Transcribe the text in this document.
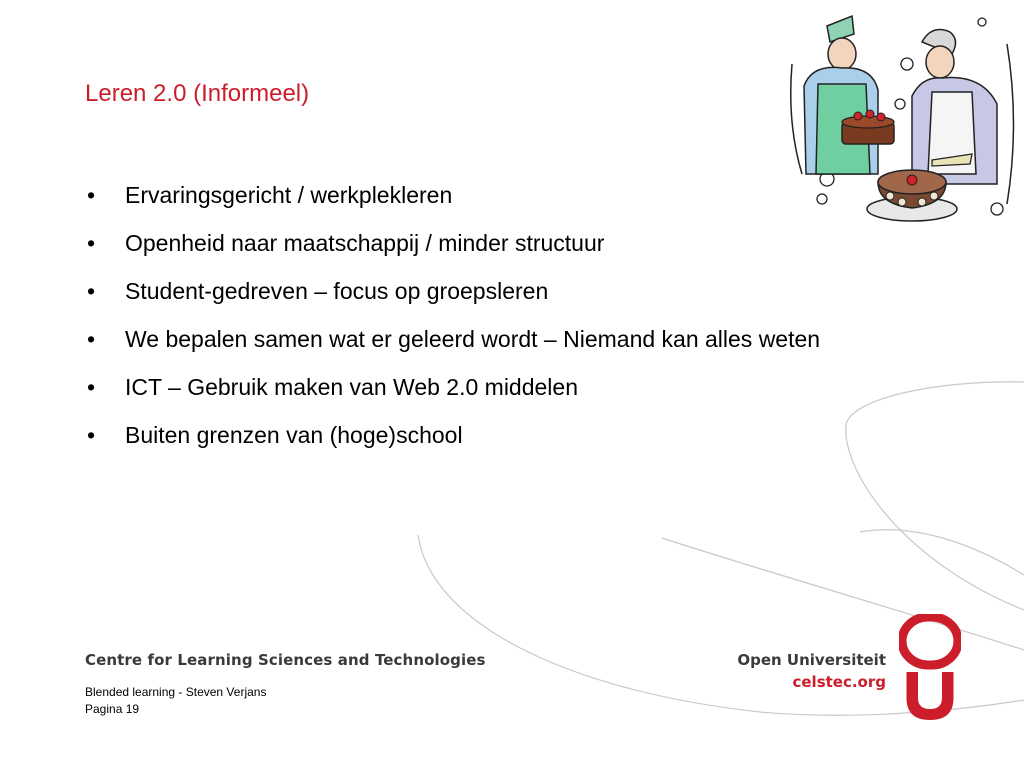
Leren 2.0 (Informeel)
• Ervaringsgericht / werkplekleren
• Openheid naar maatschappij / minder structuur
• Student-gedreven – focus op groepsleren
• We bepalen samen wat er geleerd wordt – Niemand kan alles weten
• ICT – Gebruik maken van Web 2.0 middelen
• Buiten grenzen van (hoge)school
Centre for Learning Sciences and Technologies	Open Universiteit
celstec.org
Blended learning - Steven Verjans
Pagina 19
